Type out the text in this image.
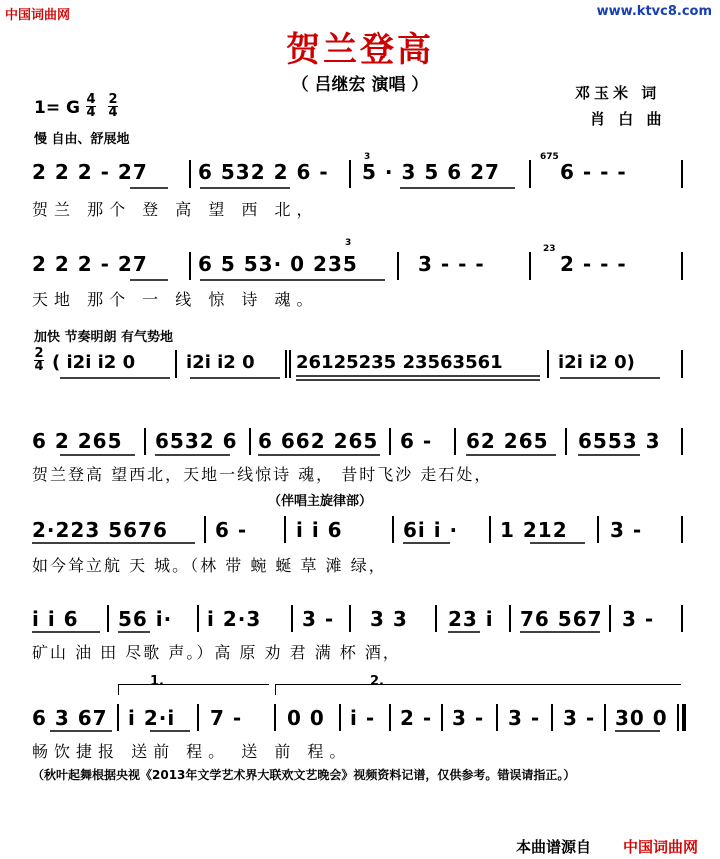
中国词曲网	www.ktvc8.com
贺兰登高
（ 吕继宏 演唱 ）	邓玉米 词
肖 白 曲
1= G 4
4
2
4
慢 自由、舒展地
2 2 2 - 27	6 532 2 6 - 5 · 3 5 6 27	6 - - -
3	675
贺兰 那个 登 高 望 西 北，
2 2 2 - 27	6 5 53· 0 235	3 - - -	2 - - -
3
23
天地 那个 一 线 惊 诗 魂。
加快 节奏明朗 有气势地
2
4 ( i2i i2 0	i2i i2 0 26125235 23563561	i2i i2 0)
6 2 265 6532 6 6 662 265 6 - 62 265 6553 3
贺兰登高 望西北，天地一线惊诗 魂， 昔时飞沙 走石处，
（伴唱主旋律部）
2·223 5676 6 - i i 6	6i i · 1 212 3 -
如今耸立航 天 城。（林 带 蜿 蜒 草 滩 绿，
i i 6 56 i· i 2·3 3 - 3 3 23 i 76 567 3 -
矿山 油 田 尽歌 声。）高 原 劝 君 满 杯 酒，
1.	2.
6 3 67 i 2·i 7 - 0 0 i - 2 - 3 - 3 - 3 - 30 0
畅饮捷报 送前 程。 送 前 程。
（秋叶起舞根据央视《2013年文学艺术界大联欢文艺晚会》视频资料记谱，仅供参考。错误请指正。）
本曲谱源自 中国词曲网
